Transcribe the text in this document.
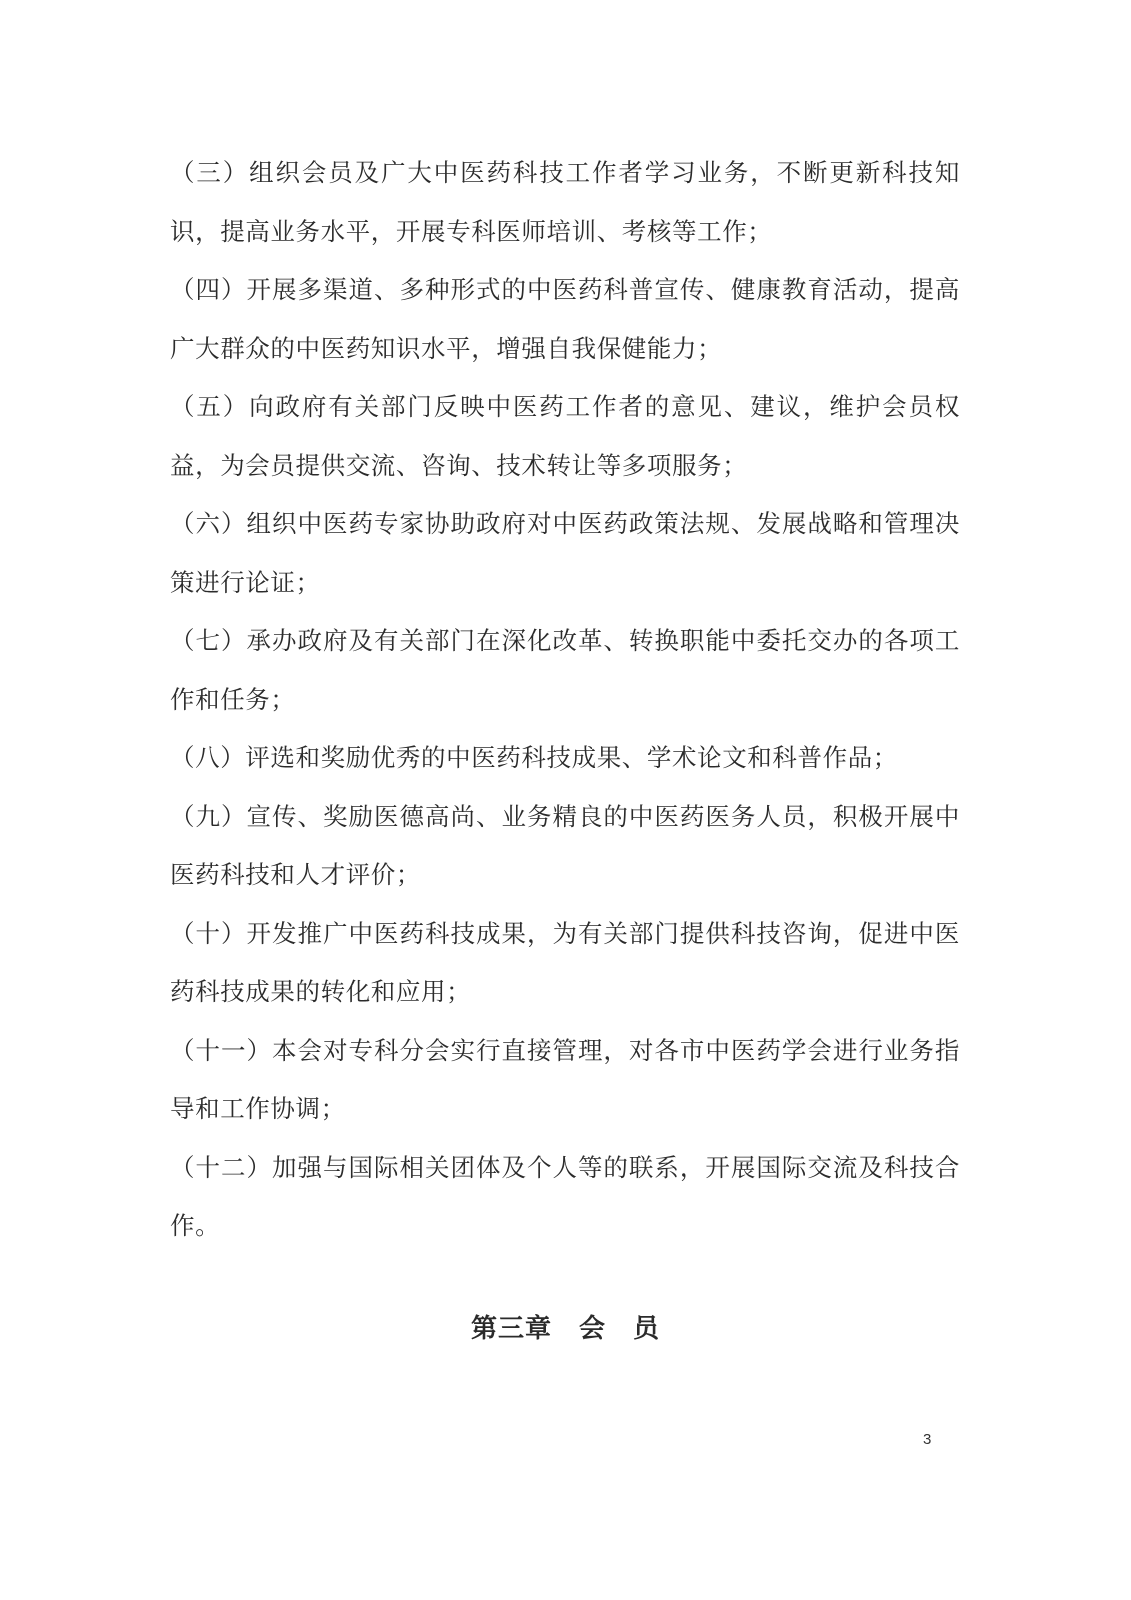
（三）组织会员及广大中医药科技工作者学习业务，不断更新科技知识，提高业务水平，开展专科医师培训、考核等工作；

（四）开展多渠道、多种形式的中医药科普宣传、健康教育活动，提高广大群众的中医药知识水平，增强自我保健能力；

（五）向政府有关部门反映中医药工作者的意见、建议，维护会员权益，为会员提供交流、咨询、技术转让等多项服务；

（六）组织中医药专家协助政府对中医药政策法规、发展战略和管理决策进行论证；

（七）承办政府及有关部门在深化改革、转换职能中委托交办的各项工作和任务；

（八）评选和奖励优秀的中医药科技成果、学术论文和科普作品；

（九）宣传、奖励医德高尚、业务精良的中医药医务人员，积极开展中医药科技和人才评价；

（十）开发推广中医药科技成果，为有关部门提供科技咨询，促进中医药科技成果的转化和应用；

（十一）本会对专科分会实行直接管理，对各市中医药学会进行业务指导和工作协调；

（十二）加强与国际相关团体及个人等的联系，开展国际交流及科技合作。

第三章　会　员
3
